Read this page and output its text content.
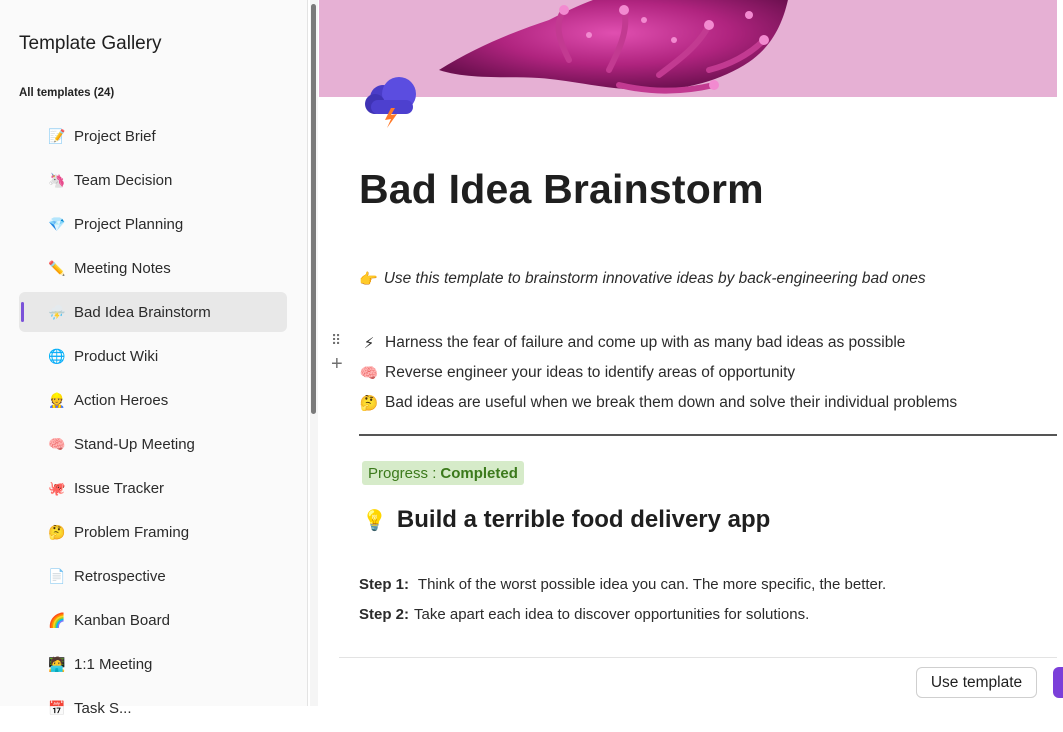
Template Gallery
All templates (24)
📝 Project Brief
🦄 Team Decision
💎 Project Planning
✏️ Meeting Notes
⛈️ Bad Idea Brainstorm
🌐 Product Wiki
👷 Action Heroes
🧠 Stand-Up Meeting
🐙 Issue Tracker
🤔 Problem Framing
📄 Retrospective
🌈 Kanban Board
🧑‍💻 1:1 Meeting
📅 Task S...
Bad Idea Brainstorm
👉 Use this template to brainstorm innovative ideas by back-engineering bad ones
⠿
+
⚡ Harness the fear of failure and come up with as many bad ideas as possible
🧠 Reverse engineer your ideas to identify areas of opportunity
🤔 Bad ideas are useful when we break them down and solve their individual problems
Progress : Completed
💡 Build a terrible food delivery app
Step 1: Think of the worst possible idea you can. The more specific, the better.
Step 2: Take apart each idea to discover opportunities for solutions.
Use template
